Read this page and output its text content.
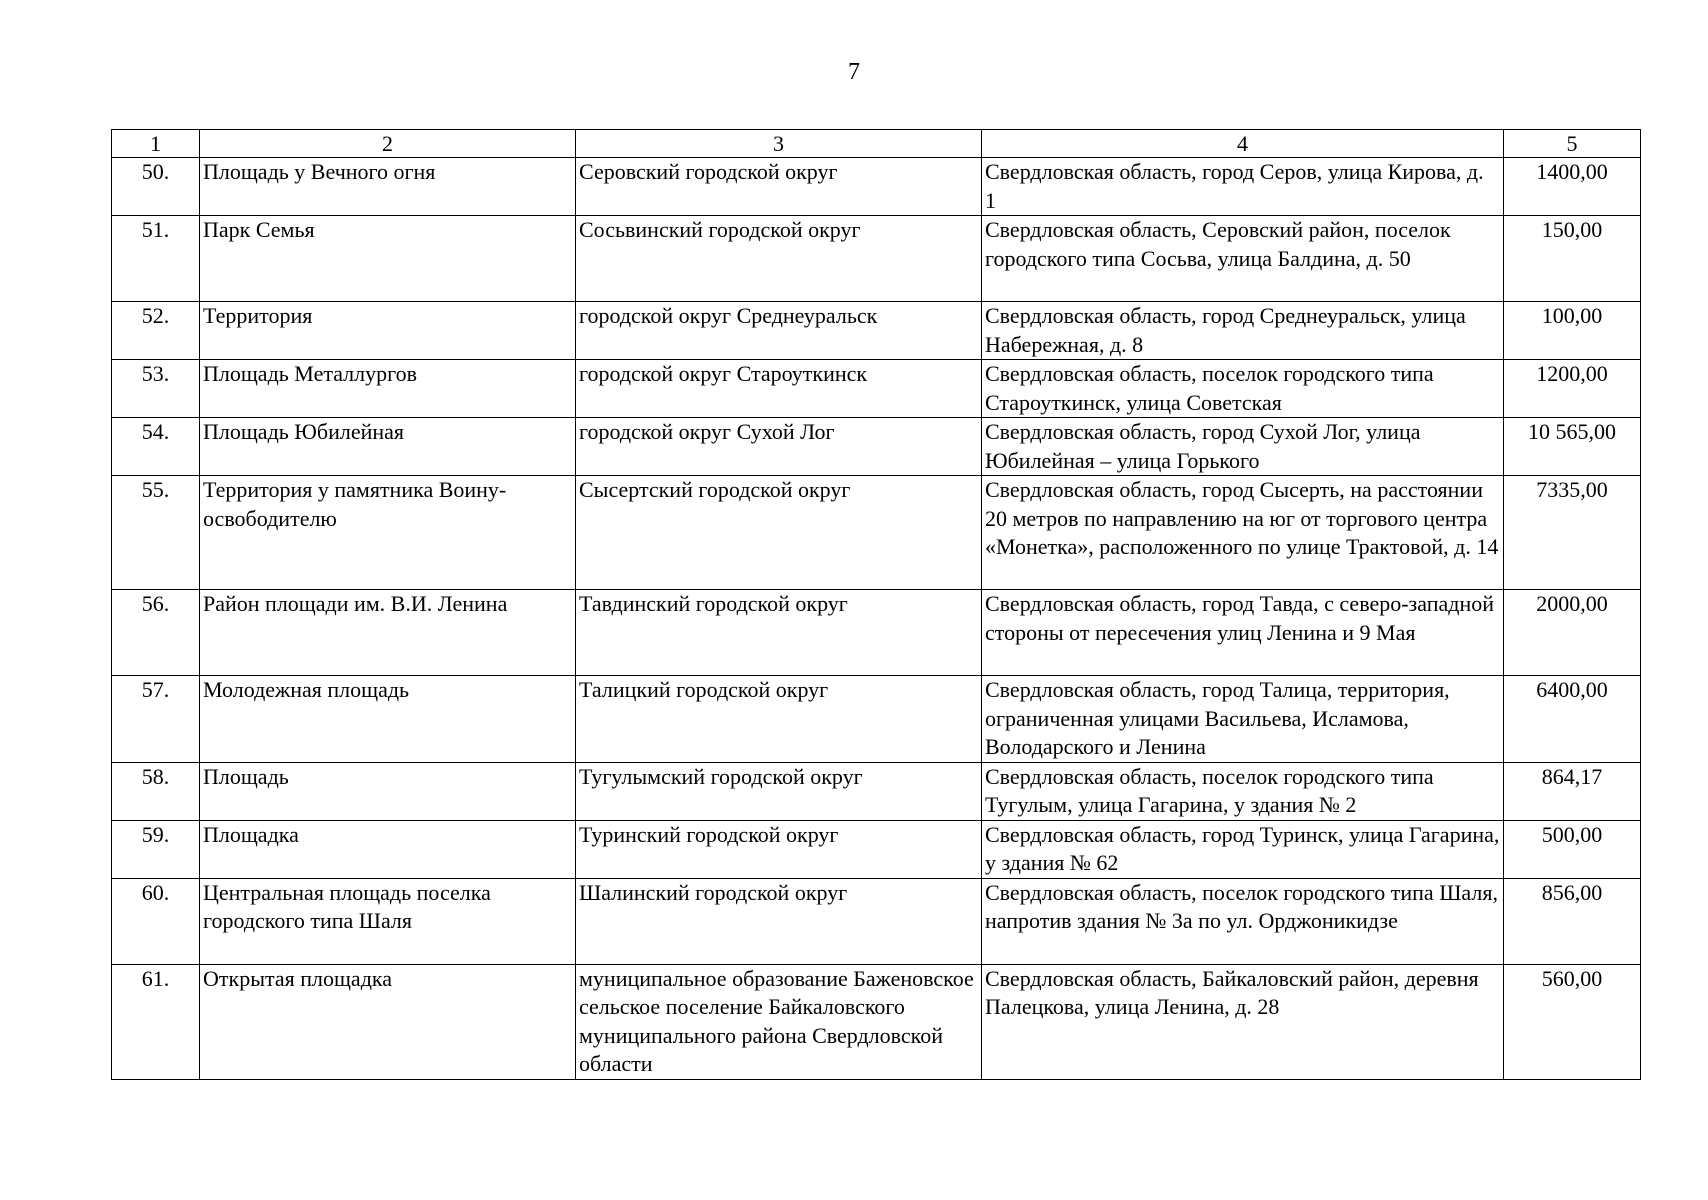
7
1	2	3	4	5
50.	Площадь у Вечного огня	Серовский городской округ	Свердловская область, город Серов, улица Кирова, д. 1	1400,00
51.	Парк Семья	Сосьвинский городской округ	Свердловская область, Серовский район, поселок городского типа Сосьва, улица Балдина, д. 50	150,00
52.	Территория	городской округ Среднеуральск	Свердловская область, город Среднеуральск, улица Набережная, д. 8	100,00
53.	Площадь Металлургов	городской округ Староуткинск	Свердловская область, поселок городского типа Староуткинск, улица Советская	1200,00
54.	Площадь Юбилейная	городской округ Сухой Лог	Свердловская область, город Сухой Лог, улица Юбилейная – улица Горького	10 565,00
55.	Территория у памятника Воину-освободителю	Сысертский городской округ	Свердловская область, город Сысерть, на расстоянии 20 метров по направлению на юг от торгового центра «Монетка», расположенного по улице Трактовой, д. 14	7335,00
56.	Район площади им. В.И. Ленина	Тавдинский городской округ	Свердловская область, город Тавда, с северо-западной стороны от пересечения улиц Ленина и 9 Мая	2000,00
57.	Молодежная площадь	Талицкий городской округ	Свердловская область, город Талица, территория, ограниченная улицами Васильева, Исламова, Володарского и Ленина	6400,00
58.	Площадь	Тугулымский городской округ	Свердловская область, поселок городского типа Тугулым, улица Гагарина, у здания № 2	864,17
59.	Площадка	Туринский городской округ	Свердловская область, город Туринск, улица Гагарина, у здания № 62	500,00
60.	Центральная площадь поселка городского типа Шаля	Шалинский городской округ	Свердловская область, поселок городского типа Шаля, напротив здания № 3а по ул. Орджоникидзе	856,00
61.	Открытая площадка	муниципальное образование Баженовское сельское поселение Байкаловского муниципального района Свердловской области	Свердловская область, Байкаловский район, деревня Палецкова, улица Ленина, д. 28	560,00
